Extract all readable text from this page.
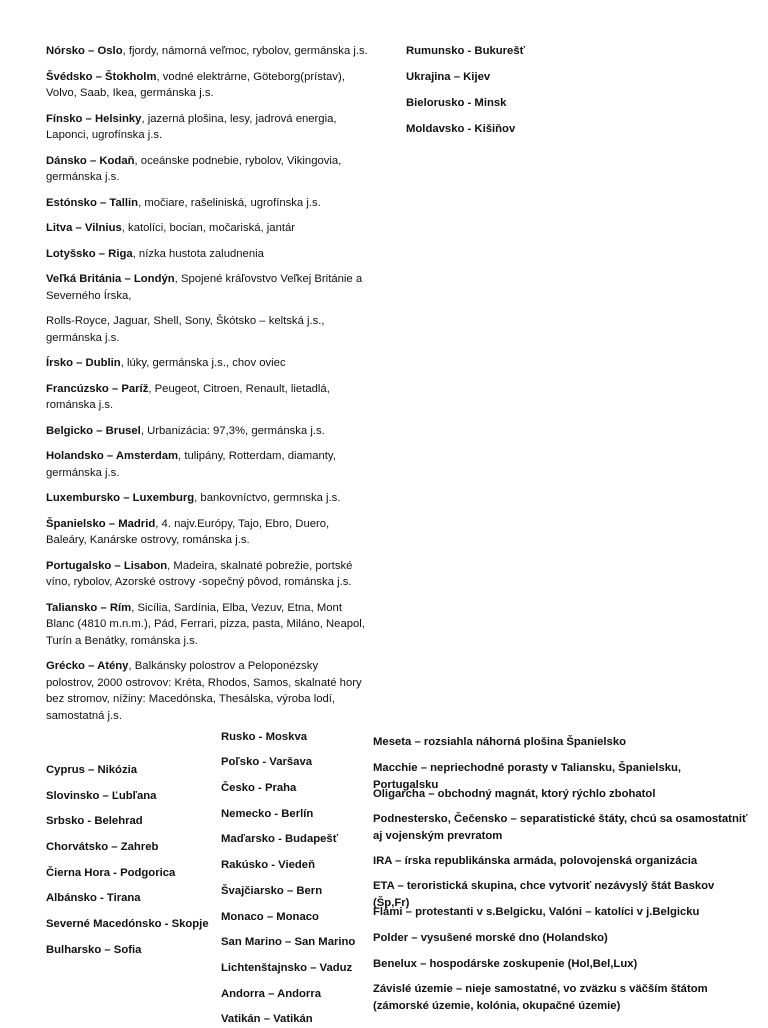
Nórsko – Oslo, fjordy, námorná veľmoc, rybolov, germánska j.s.

Švédsko – Štokholm, vodné elektrárne, Göteborg(prístav), Volvo, Saab, Ikea, germánska j.s.

Fínsko – Helsinky, jazerná plošina, lesy, jadrová energia, Laponci, ugrofínska j.s.

Dánsko – Kodaň, oceánske podnebie, rybolov, Vikingovia, germánska j.s.

Estónsko – Tallin, močiare, rašeliniská, ugrofínska j.s.

Litva – Vilnius, katolíci, bocian, močariská, jantár

Lotyšsko – Riga, nízka hustota zaludnenia

Veľká Británia – Londýn, Spojené kráľovstvo Veľkej Británie a Severného Írska,

Rolls-Royce, Jaguar, Shell, Sony, Škótsko – keltská j.s., germánska j.s.

Írsko – Dublin, lúky, germánska j.s., chov oviec

Francúzsko – Paríž, Peugeot, Citroen, Renault, lietadlá, románska j.s.

Belgicko – Brusel, Urbanizácia: 97,3%, germánska j.s.

Holandsko – Amsterdam, tulipány, Rotterdam, diamanty, germánska j.s.

Luxembursko – Luxemburg, bankovníctvo, germnska j.s.

Španielsko – Madrid, 4. najv.Európy, Tajo, Ebro, Duero, Baleáry, Kanárske ostrovy, románska j.s.

Portugalsko – Lisabon, Madeira, skalnaté pobrežie, portské víno, rybolov, Azorské ostrovy -sopečný pôvod, románska j.s.

Taliansko – Rím, Sicília, Sardínia, Elba, Vezuv, Etna, Mont Blanc (4810 m.n.m.), Pád, Ferrari, pizza, pasta, Miláno, Neapol, Turín a Benátky, románska j.s.

Grécko – Atény, Balkánsky polostrov a Peloponézsky polostrov, 2000 ostrovov: Kréta, Rhodos, Samos, skalnaté hory bez stromov, nížiny: Macedónska, Thesálska, výroba lodí, samostatná j.s.

Cyprus – Nikózia

Slovinsko – Ľubľana

Srbsko - Belehrad

Chorvátsko – Zahreb

Čierna Hora - Podgorica

Albánsko - Tirana

Severné Macedónsko - Skopje

Bulharsko – Sofia

Rumunsko - Bukurešť

Ukrajina – Kijev

Bielorusko - Minsk

Moldavsko - Kišiňov

Rusko - Moskva

Poľsko - Varšava

Česko - Praha

Nemecko - Berlín

Maďarsko - Budapešť

Rakúsko - Viedeň

Švajčiarsko – Bern

Monaco – Monaco

San Marino – San Marino

Lichtenštajnsko – Vaduz

Andorra – Andorra

Vatikán – Vatikán

Meseta – rozsiahla náhorná plošina Španielsko

Macchie – nepriechodné porasty v Taliansku, Španielsku, Portugalsku

Oligarcha – obchodný magnát, ktorý rýchlo zbohatol

Podnestersko, Čečensko – separatistické štáty, chcú sa osamostatniť aj vojenským prevratom

IRA – írska republikánska armáda, polovojenská organizácia

ETA – teroristická skupina, chce vytvoriť nezávyslý štát Baskov (Šp,Fr)

Flámi – protestanti v s.Belgicku, Valóni – katolíci v j.Belgicku

Polder – vysušené morské dno (Holandsko)

Benelux – hospodárske zoskupenie (Hol,Bel,Lux)

Závislé územie – nieje samostatné, vo zväzku s väčším štátom (zámorské územie, kolónia, okupačné územie)
